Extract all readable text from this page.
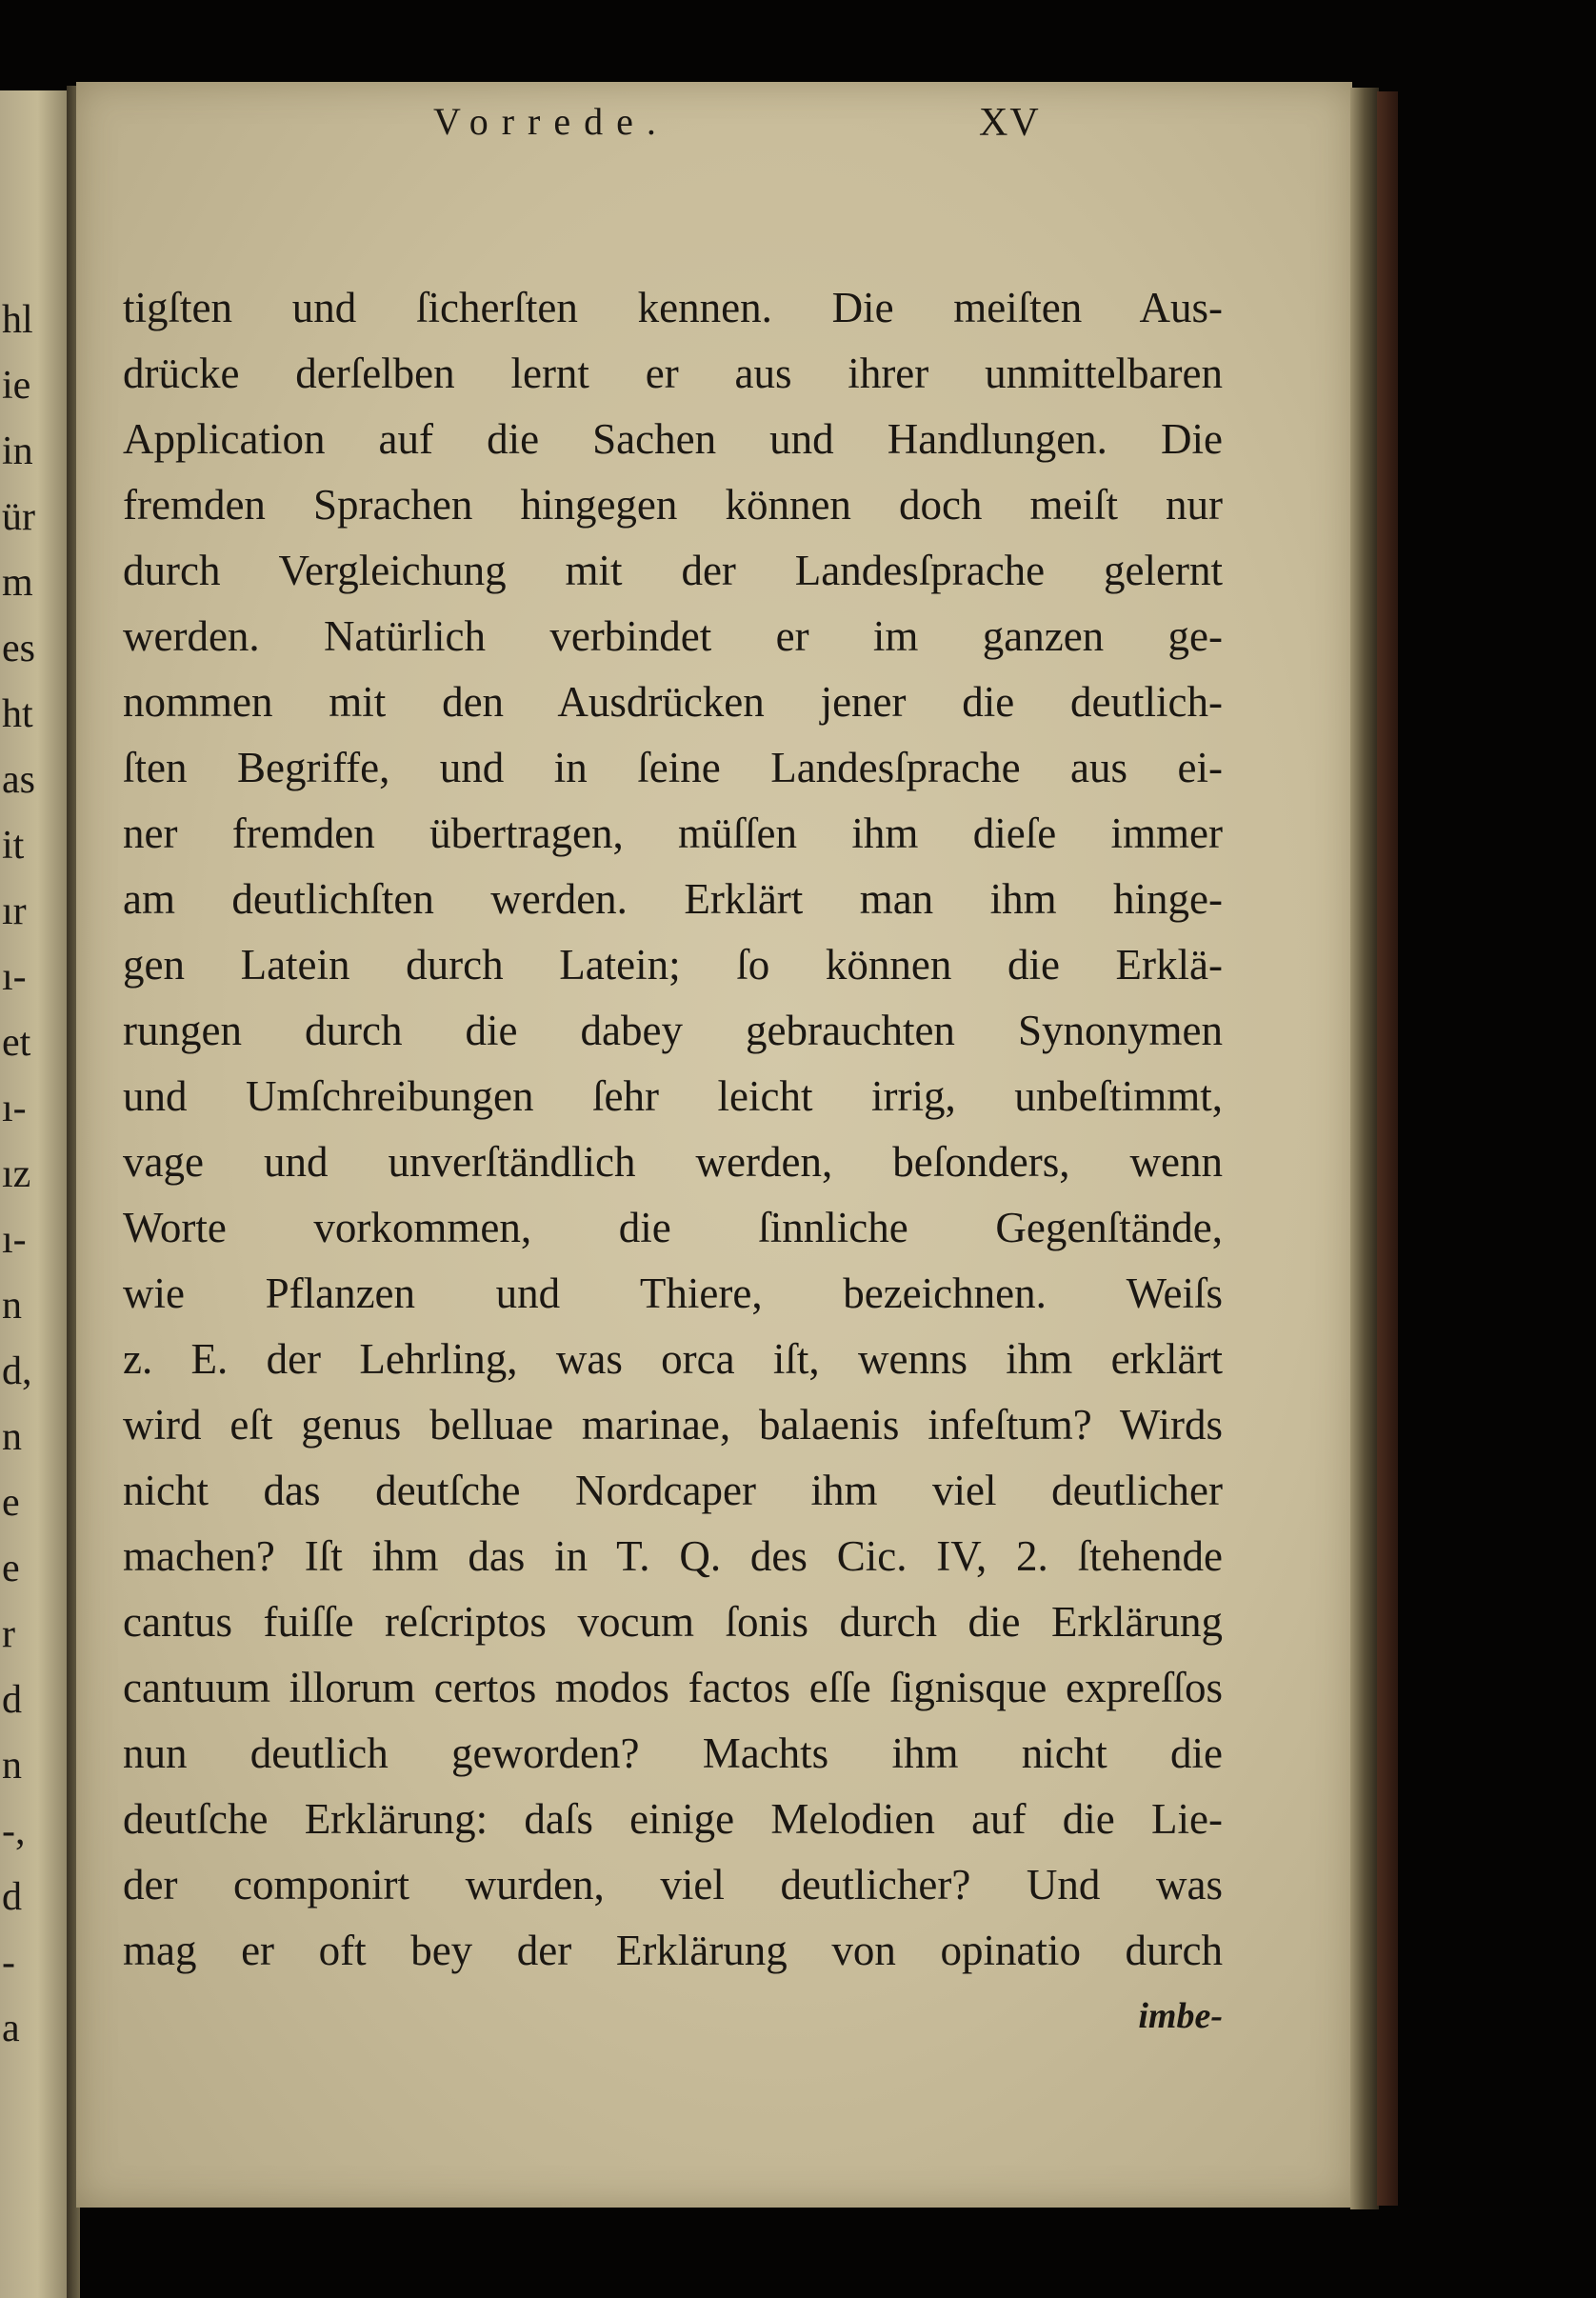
hl
ie
in
ür
m
es
ht
as
it
ır
ı-
et
ı-
ız
ı-
n
d,
n
e
e
r
d
n
-,
d
-
a
tigſten und ſicherſten kennen. Die meiſten Aus-
drücke derſelben lernt er aus ihrer unmittelbaren
Application auf die Sachen und Handlungen. Die
fremden Sprachen hingegen können doch meiſt nur
durch Vergleichung mit der Landesſprache gelernt
werden. Natürlich verbindet er im ganzen ge-
nommen mit den Ausdrücken jener die deutlich-
ſten Begriffe, und in ſeine Landesſprache aus ei-
ner fremden übertragen, müſſen ihm dieſe immer
am deutlichſten werden. Erklärt man ihm hinge-
gen Latein durch Latein; ſo können die Erklä-
rungen durch die dabey gebrauchten Synonymen
und Umſchreibungen ſehr leicht irrig, unbeſtimmt,
vage und unverſtändlich werden, beſonders, wenn
Worte vorkommen, die ſinnliche Gegenſtände,
wie Pflanzen und Thiere, bezeichnen. Weiſs
z. E. der Lehrling, was orca iſt, wenns ihm erklärt
wird eſt genus belluae marinae, balaenis infeſtum? Wirds
nicht das deutſche Nordcaper ihm viel deutlicher
machen? Iſt ihm das in T. Q. des Cic. IV, 2. ſtehende
cantus fuiſſe reſcriptos vocum ſonis durch die Erklärung
cantuum illorum certos modos factos eſſe ſignisque expreſſos
nun deutlich geworden? Machts ihm nicht die
deutſche Erklärung: daſs einige Melodien auf die Lie-
der componirt wurden, viel deutlicher? Und was
mag er oft bey der Erklärung von opinatio durch
imbe-
Vorrede.	XV
